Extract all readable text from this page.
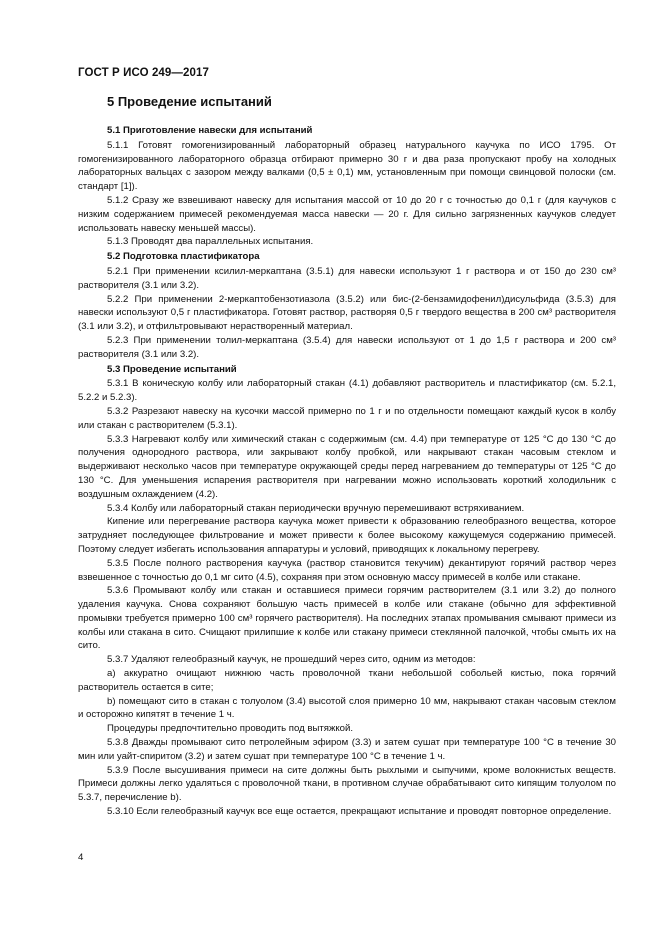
ГОСТ Р ИСО 249—2017
5 Проведение испытаний

5.1 Приготовление навески для испытаний

5.1.1 Готовят гомогенизированный лабораторный образец натурального каучука по ИСО 1795. От гомогенизированного лабораторного образца отбирают примерно 30 г и два раза пропускают пробу на холодных лабораторных вальцах с зазором между валками (0,5 ± 0,1) мм, установленным при помощи свинцовой полоски (см. стандарт [1]).

5.1.2 Сразу же взвешивают навеску для испытания массой от 10 до 20 г с точностью до 0,1 г (для каучуков с низким содержанием примесей рекомендуемая масса навески — 20 г. Для сильно загрязненных каучуков следует использовать навеску меньшей массы).

5.1.3 Проводят два параллельных испытания.

5.2 Подготовка пластификатора

5.2.1 При применении ксилил-меркаптана (3.5.1) для навески используют 1 г раствора и от 150 до 230 см³ растворителя (3.1 или 3.2).

5.2.2 При применении 2-меркаптобензотиазола (3.5.2) или бис-(2-бензамидофенил)дисульфида (3.5.3) для навески используют 0,5 г пластификатора. Готовят раствор, растворяя 0,5 г твердого вещества в 200 см³ растворителя (3.1 или 3.2), и отфильтровывают нерастворенный материал.

5.2.3 При применении толил-меркаптана (3.5.4) для навески используют от 1 до 1,5 г раствора и 200 см³ растворителя (3.1 или 3.2).

5.3 Проведение испытаний

5.3.1 В коническую колбу или лабораторный стакан (4.1) добавляют растворитель и пластификатор (см. 5.2.1, 5.2.2 и 5.2.3).

5.3.2 Разрезают навеску на кусочки массой примерно по 1 г и по отдельности помещают каждый кусок в колбу или стакан с растворителем (5.3.1).

5.3.3 Нагревают колбу или химический стакан с содержимым (см. 4.4) при температуре от 125 °С до 130 °С до получения однородного раствора, или закрывают колбу пробкой, или накрывают стакан часовым стеклом и выдерживают несколько часов при температуре окружающей среды перед нагреванием до температуры от 125 °С до 130 °С. Для уменьшения испарения растворителя при нагревании можно использовать короткий холодильник с воздушным охлаждением (4.2).

5.3.4 Колбу или лабораторный стакан периодически вручную перемешивают встряхиванием.

Кипение или перегревание раствора каучука может привести к образованию гелеобразного вещества, которое затрудняет последующее фильтрование и может привести к более высокому кажущемуся содержанию примесей. Поэтому следует избегать использования аппаратуры и условий, приводящих к локальному перегреву.

5.3.5 После полного растворения каучука (раствор становится текучим) декантируют горячий раствор через взвешенное с точностью до 0,1 мг сито (4.5), сохраняя при этом основную массу примесей в колбе или стакане.

5.3.6 Промывают колбу или стакан и оставшиеся примеси горячим растворителем (3.1 или 3.2) до полного удаления каучука. Снова сохраняют большую часть примесей в колбе или стакане (обычно для эффективной промывки требуется примерно 100 см³ горячего растворителя). На последних этапах промывания смывают примеси из колбы или стакана в сито. Счищают прилипшие к колбе или стакану примеси стеклянной палочкой, чтобы смыть их на сито.

5.3.7 Удаляют гелеобразный каучук, не прошедший через сито, одним из методов:

a) аккуратно очищают нижнюю часть проволочной ткани небольшой собольей кистью, пока горячий растворитель остается в сите;

b) помещают сито в стакан с толуолом (3.4) высотой слоя примерно 10 мм, накрывают стакан часовым стеклом и осторожно кипятят в течение 1 ч.

Процедуры предпочтительно проводить под вытяжкой.

5.3.8 Дважды промывают сито петролейным эфиром (3.3) и затем сушат при температуре 100 °С в течение 30 мин или уайт-спиритом (3.2) и затем сушат при температуре 100 °С в течение 1 ч.

5.3.9 После высушивания примеси на сите должны быть рыхлыми и сыпучими, кроме волокнистых веществ. Примеси должны легко удаляться с проволочной ткани, в противном случае обрабатывают сито кипящим толуолом по 5.3.7, перечисление b).

5.3.10 Если гелеобразный каучук все еще остается, прекращают испытание и проводят повторное определение.

4
